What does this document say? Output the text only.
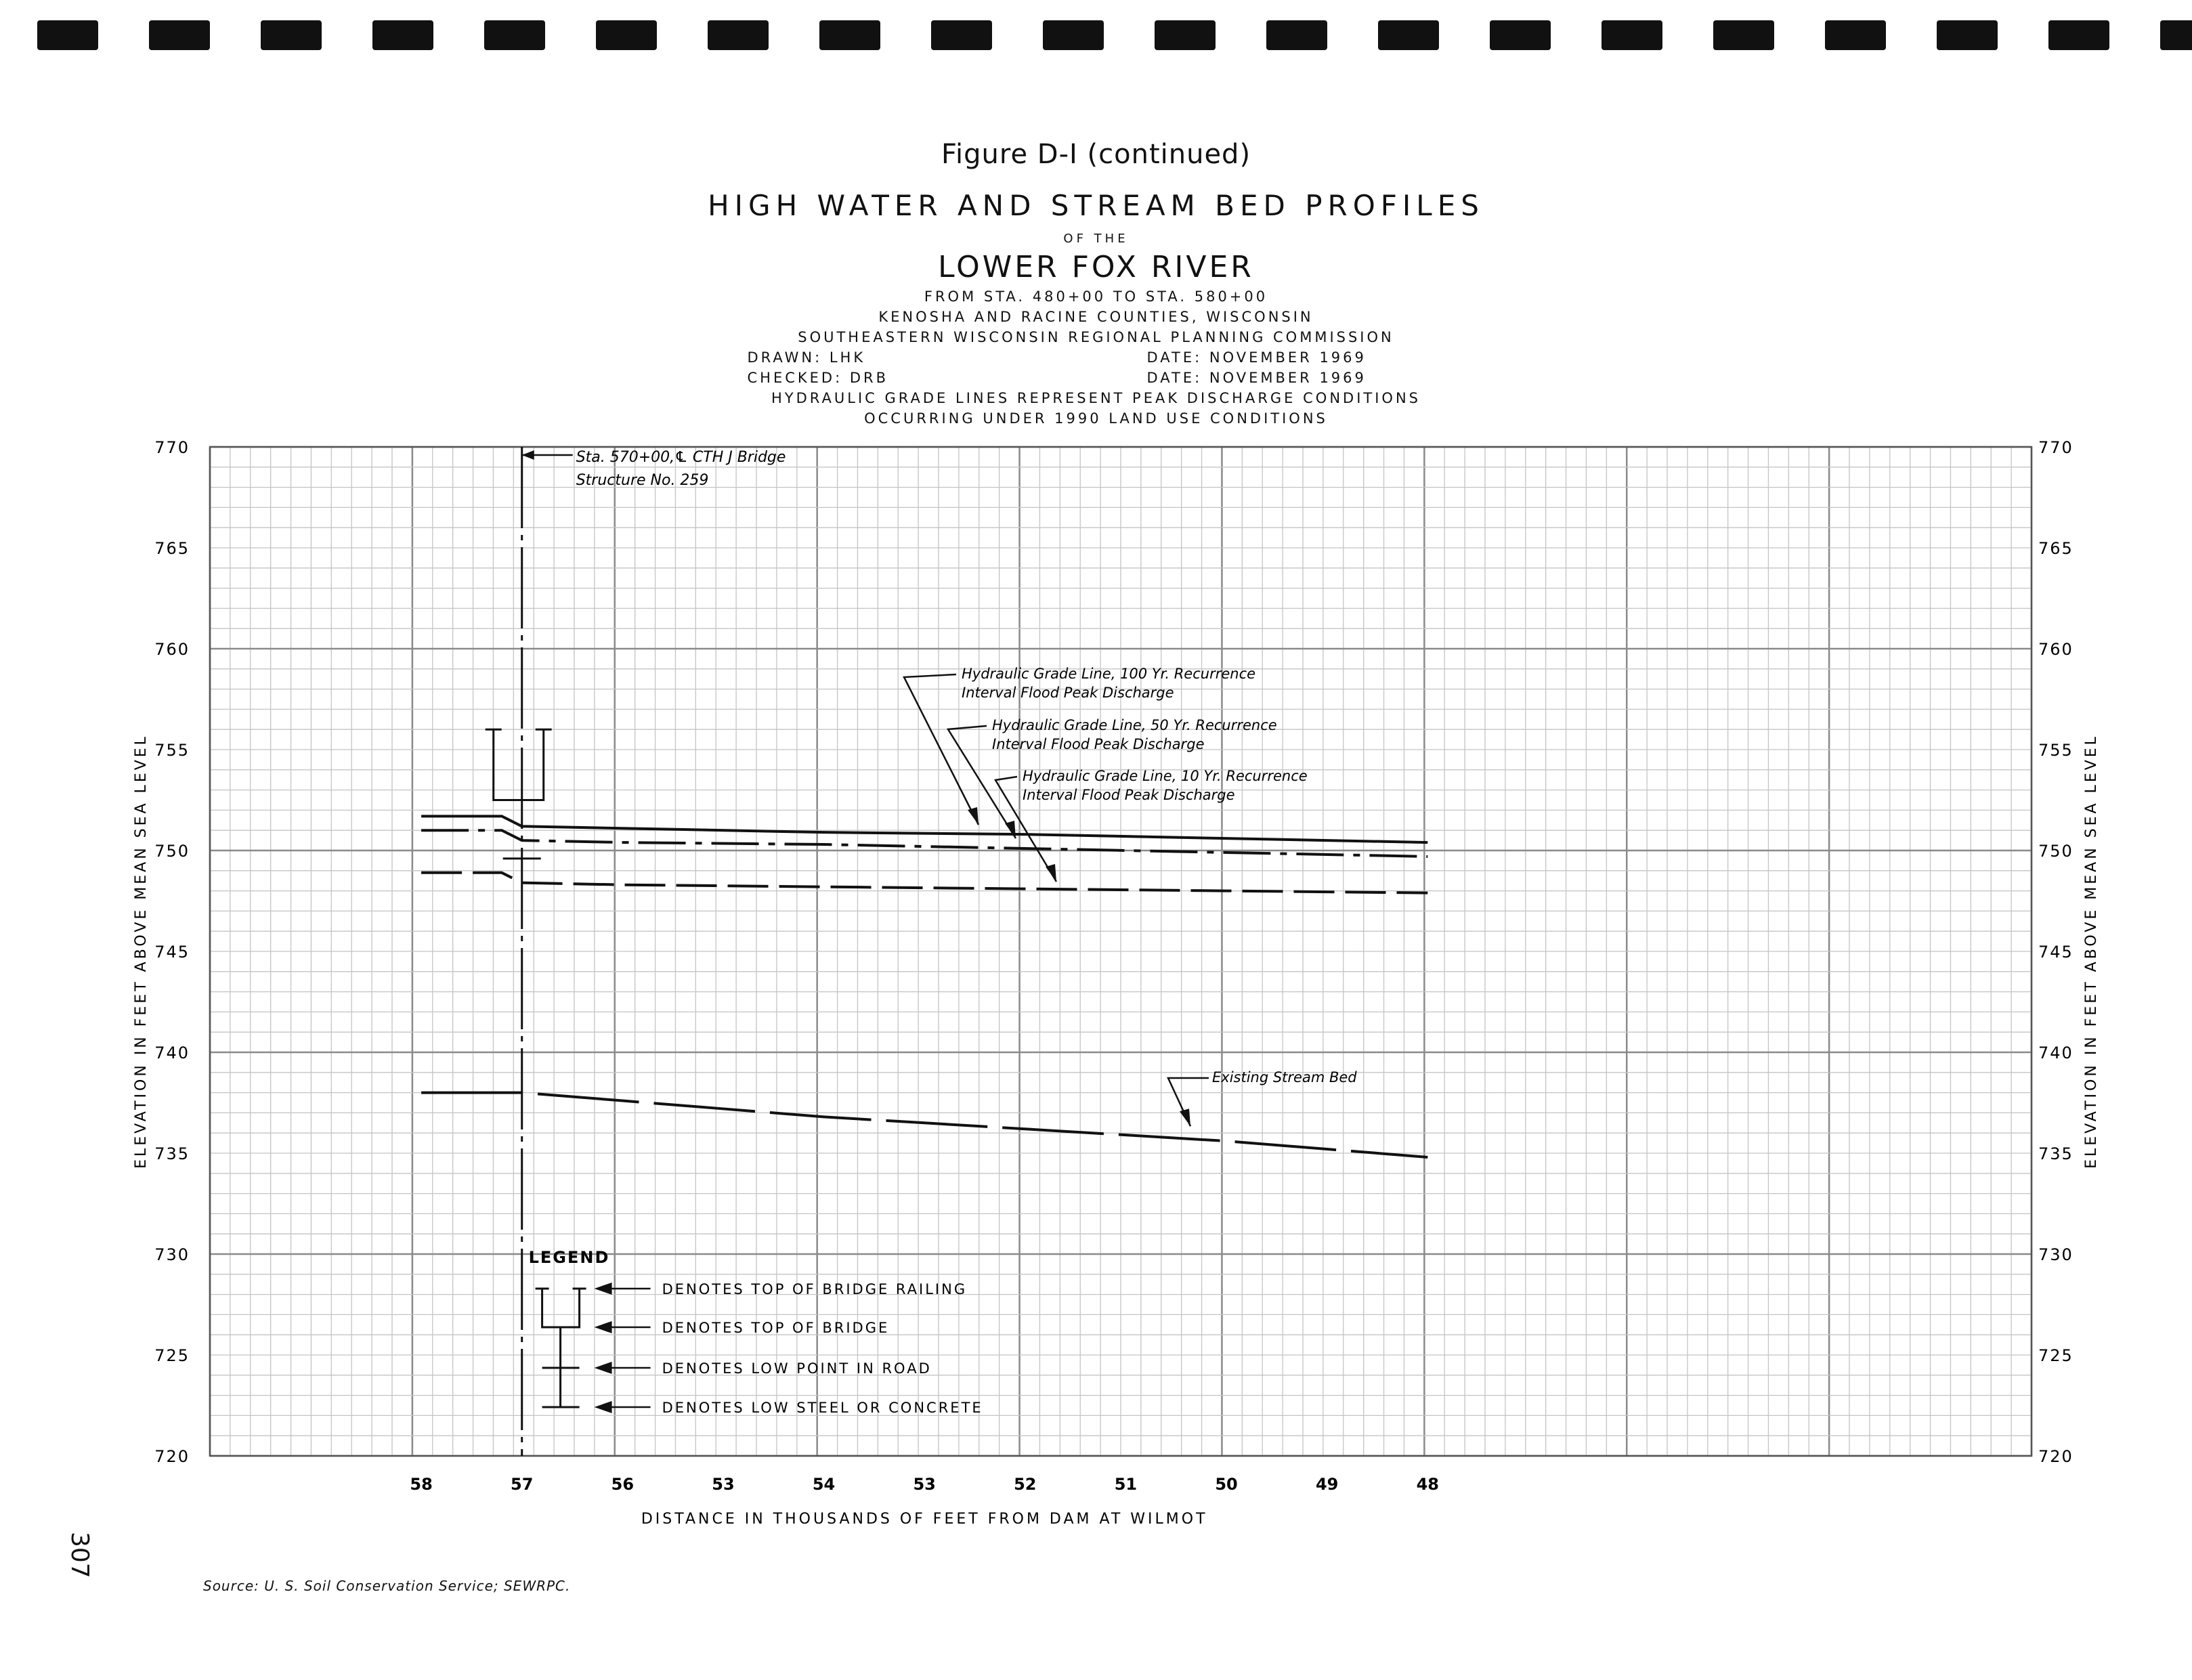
Figure D-I (continued)
HIGH WATER AND STREAM BED PROFILES
OF THE
LOWER FOX RIVER
FROM STA. 480+00 TO STA. 580+00
KENOSHA AND RACINE COUNTIES, WISCONSIN
SOUTHEASTERN WISCONSIN REGIONAL PLANNING COMMISSION
DRAWN: LHK	DATE: NOVEMBER 1969
CHECKED: DRB	DATE: NOVEMBER 1969
HYDRAULIC GRADE LINES REPRESENT PEAK DISCHARGE CONDITIONS
OCCURRING UNDER 1990 LAND USE CONDITIONS
770	770
765	765
760	760
755	755
750	750
745	745
740	740
735	735
730	730
725	725
720	720
58	57	56	53	54	53	52	51	50	49	48
DISTANCE IN THOUSANDS OF FEET FROM DAM AT WILMOT
ELEVATION IN FEET ABOVE MEAN SEA LEVEL	ELEVATION IN FEET ABOVE MEAN SEA LEVEL
Sta. 570+00,℄ CTH J Bridge
Structure No. 259
Hydraulic Grade Line, 100 Yr. Recurrence
Interval Flood Peak Discharge
Hydraulic Grade Line, 50 Yr. Recurrence
Interval Flood Peak Discharge
Hydraulic Grade Line, 10 Yr. Recurrence
Interval Flood Peak Discharge
Existing Stream Bed
LEGEND
DENOTES TOP OF BRIDGE RAILING
DENOTES TOP OF BRIDGE
DENOTES LOW POINT IN ROAD
DENOTES LOW STEEL OR CONCRETE
307
Source: U. S. Soil Conservation Service; SEWRPC.
